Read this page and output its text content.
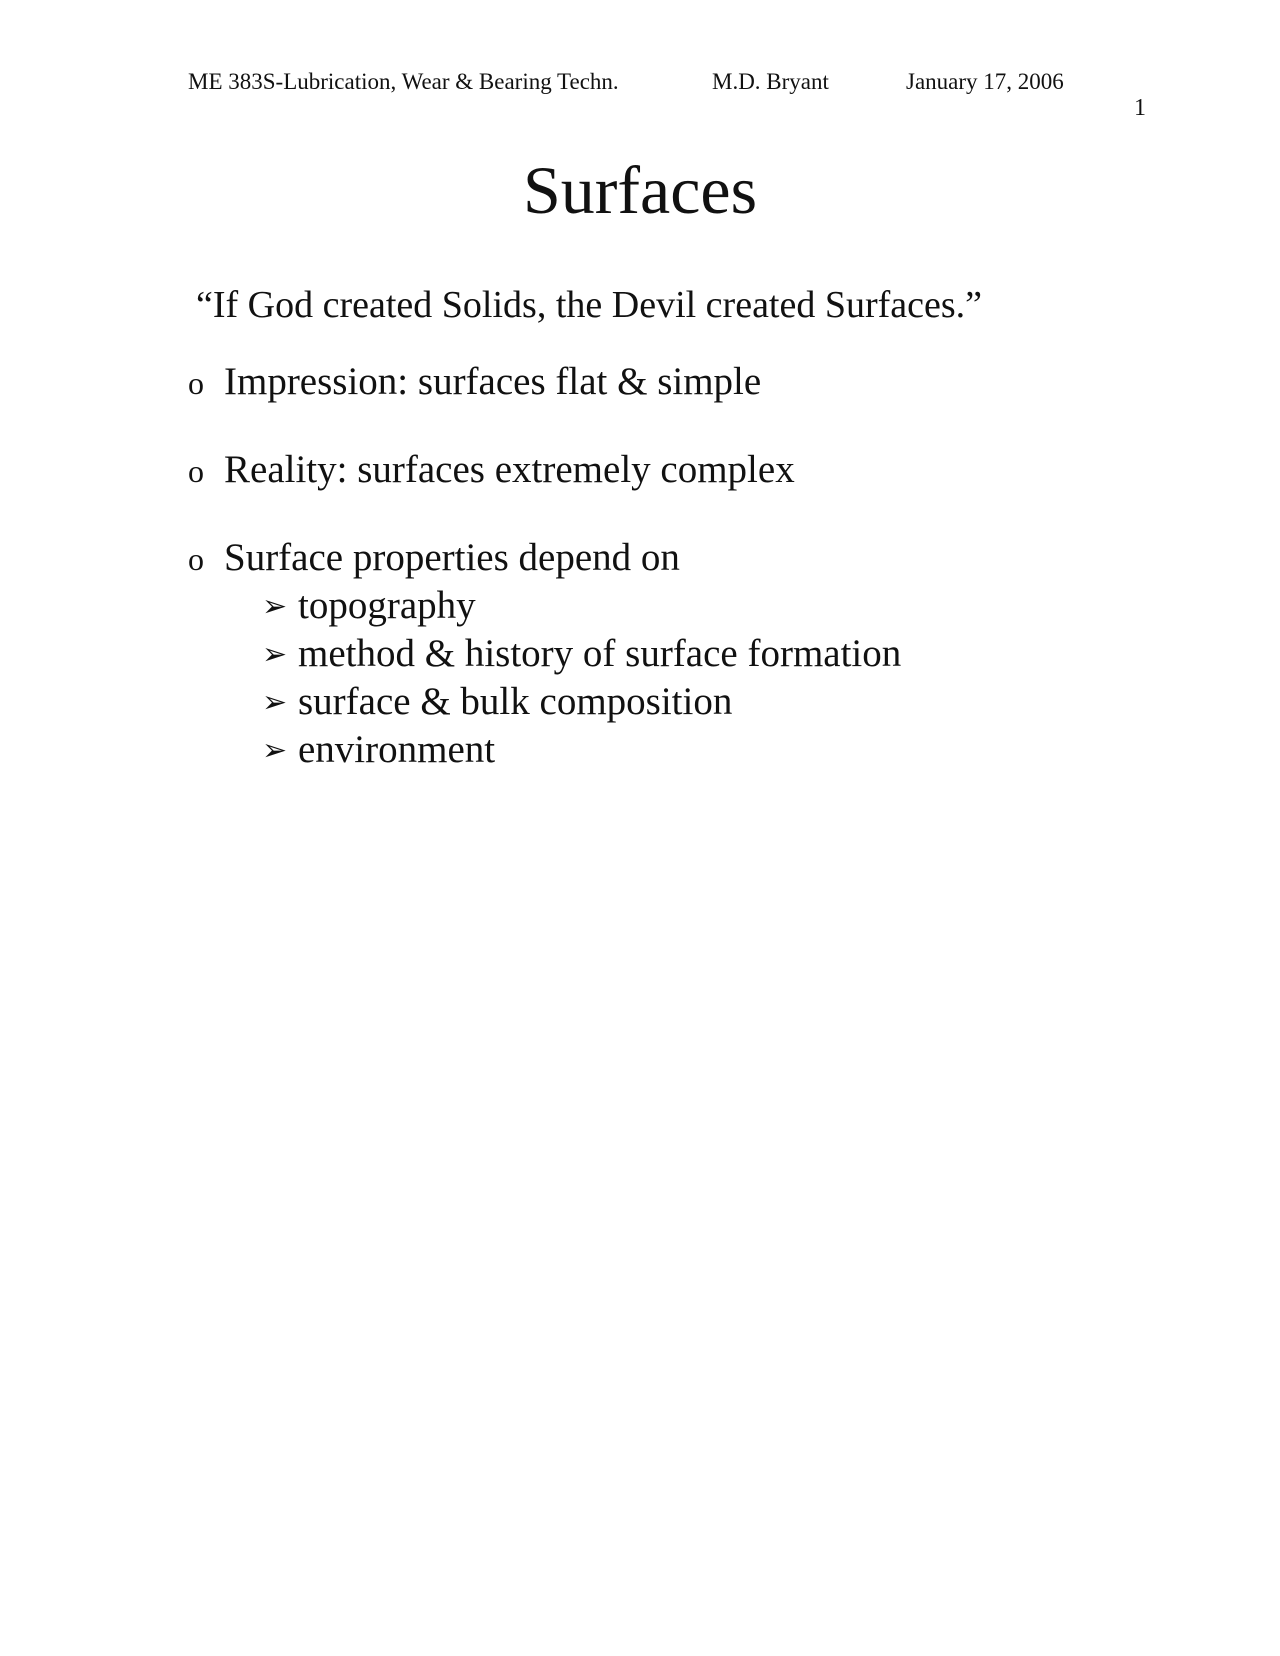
ME 383S-Lubrication, Wear & Bearing Techn.	M.D. Bryant	January 17, 2006
1
Surfaces
“If God created Solids, the Devil created Surfaces.”
o Impression: surfaces flat & simple
o Reality: surfaces extremely complex
o Surface properties depend on
➢ topography
➢ method & history of surface formation
➢ surface & bulk composition
➢ environment
